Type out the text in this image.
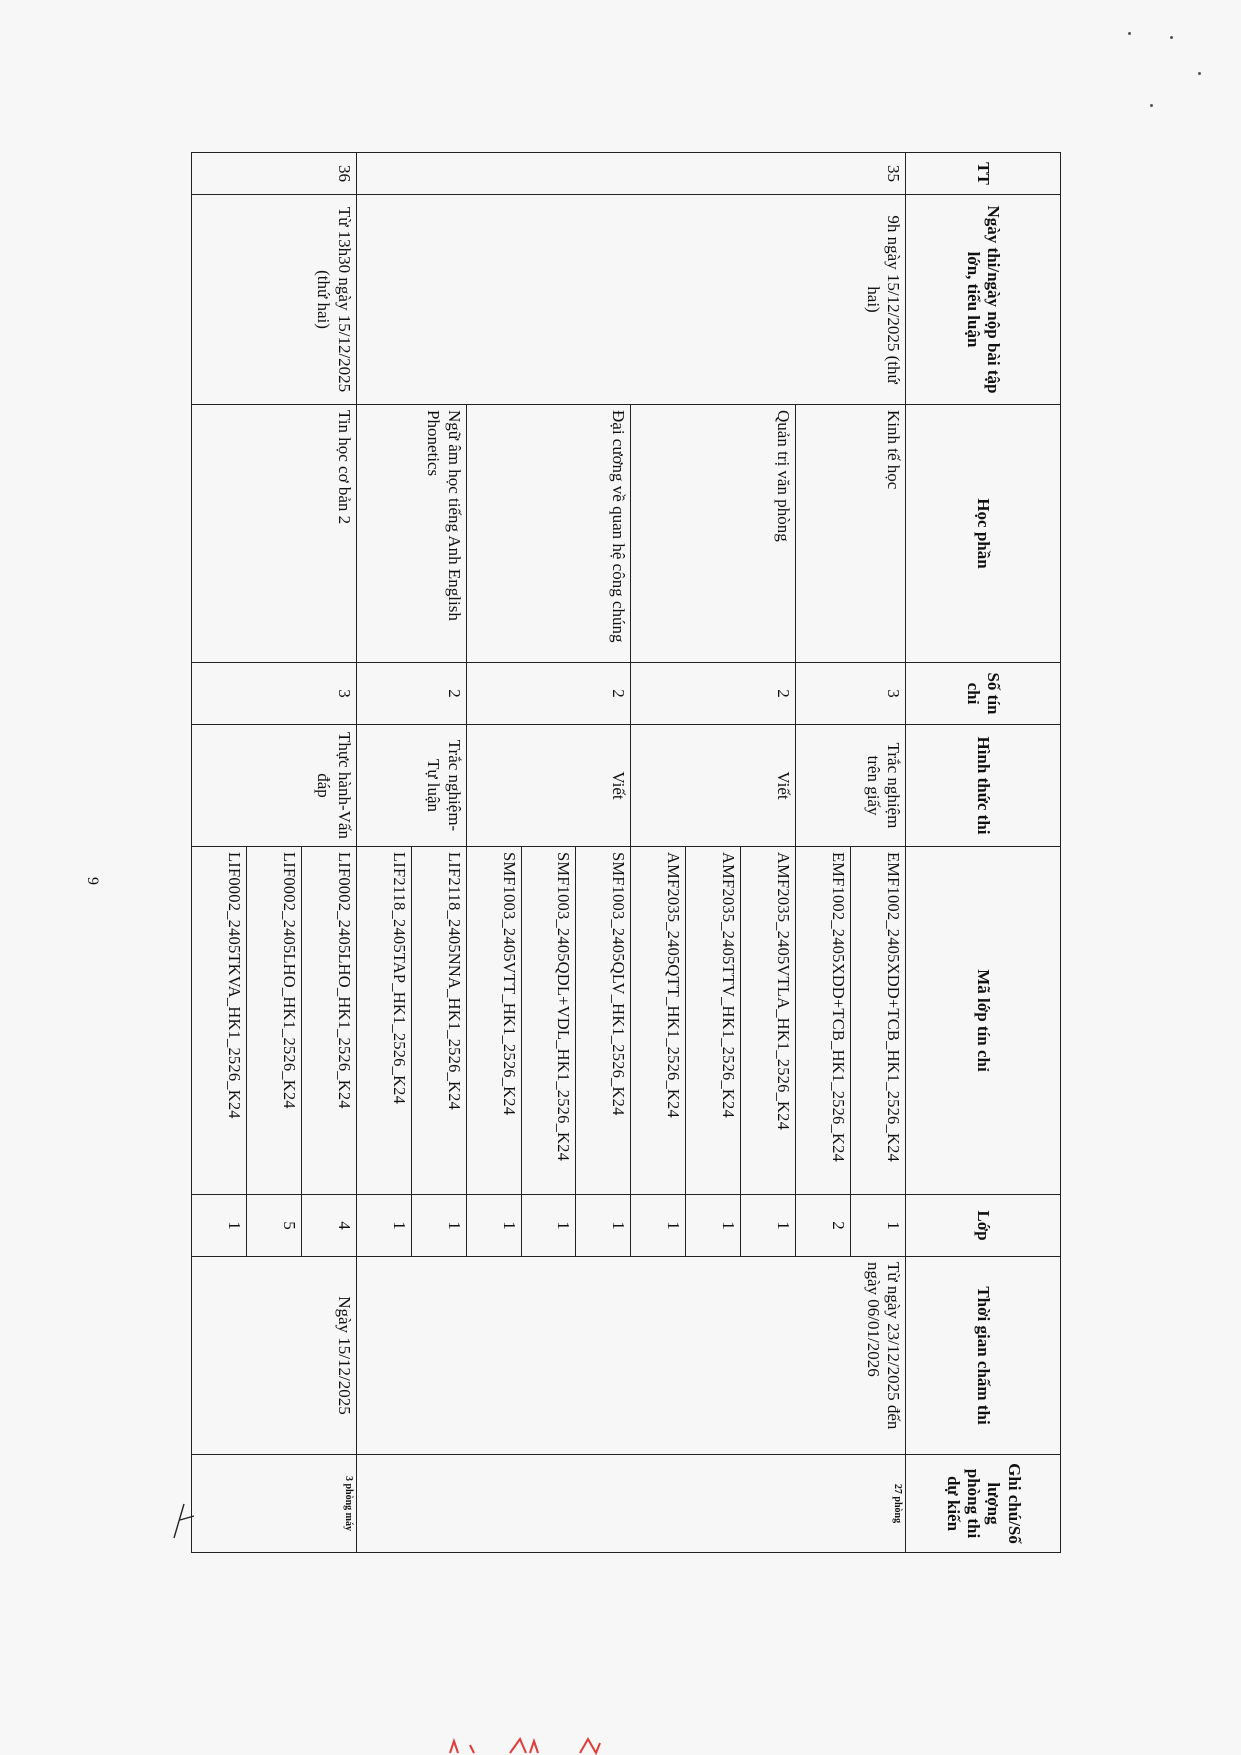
TT	Ngày thi/ngày nộp bài tập lớn, tiểu luận	Học phần	Số tín chỉ	Hình thức thi	Mã lớp tín chỉ	Lớp	Thời gian chấm thi	Ghi chú/Số lượng phòng thi dự kiến
35	9h ngày 15/12/2025 (thứ hai)	Kinh tế học	3	Trắc nghiệm trên giấy	EMF1002_2405XDD+TCB_HK1_2526_K24	1	Từ ngày 23/12/2025 đến ngày 06/01/2026	27 phòng
					EMF1002_2405XDD+TCB_HK1_2526_K24	2		
		Quản trị văn phòng	2	Viết	AMF2035_2405VTLA_HK1_2526_K24	1		
					AMF2035_2405TTV_HK1_2526_K24	1		
					AMF2035_2405QTT_HK1_2526_K24	1		
		Đại cương về quan hệ công chúng	2	Viết	SMF1003_2405QLV_HK1_2526_K24	1		
					SMF1003_2405QDL+VDL_HK1_2526_K24	1		
					SMF1003_2405VTT_HK1_2526_K24	1		
		Ngữ âm học tiếng Anh English Phonetics	2	Trắc nghiệm-Tự luận	LIF2118_2405NNA_HK1_2526_K24	1		
					LIF2118_2405TAP_HK1_2526_K24	1		
36	Từ 13h30 ngày 15/12/2025 (thứ hai)	Tin học cơ bản 2	3	Thực hành-Vấn đáp	LIF0002_2405LHO_HK1_2526_K24	4	Ngày 15/12/2025	3 phòng máy
					LIF0002_2405LHO_HK1_2526_K24	5		
					LIF0002_2405TKVA_HK1_2526_K24	1		
9
